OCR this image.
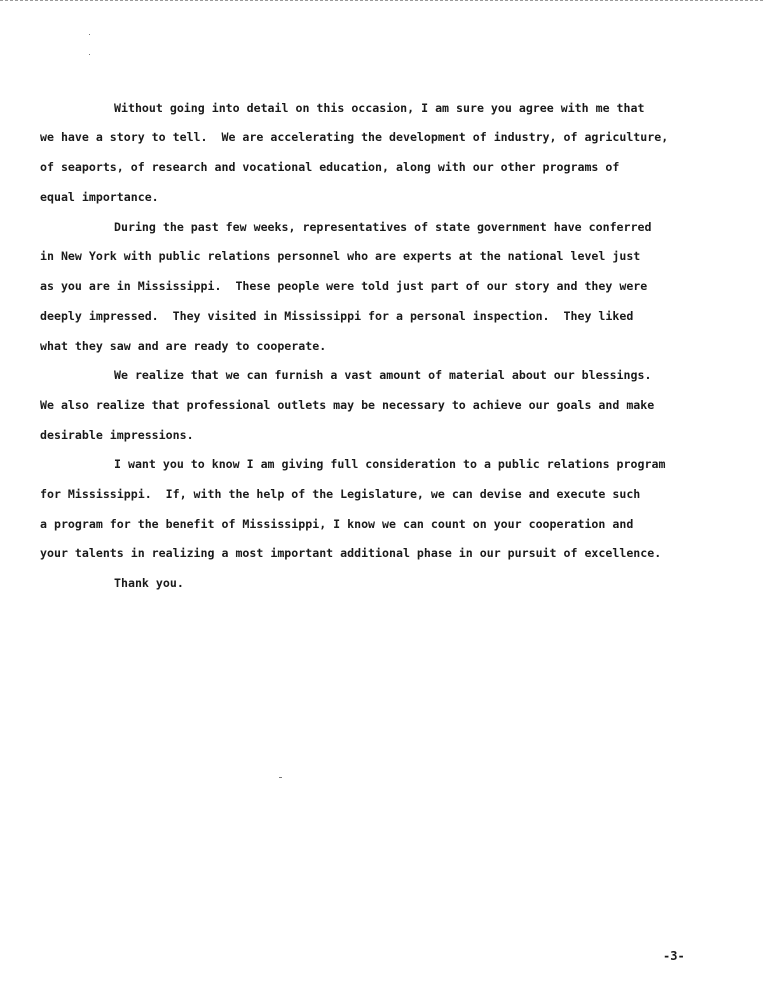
Without going into detail on this occasion, I am sure you agree with me that

we have a story to tell.  We are accelerating the development of industry, of agriculture,

of seaports, of research and vocational education, along with our other programs of

equal importance.

During the past few weeks, representatives of state government have conferred

in New York with public relations personnel who are experts at the national level just

as you are in Mississippi.  These people were told just part of our story and they were

deeply impressed.  They visited in Mississippi for a personal inspection.  They liked

what they saw and are ready to cooperate.

We realize that we can furnish a vast amount of material about our blessings.

We also realize that professional outlets may be necessary to achieve our goals and make

desirable impressions.

I want you to know I am giving full consideration to a public relations program

for Mississippi.  If, with the help of the Legislature, we can devise and execute such

a program for the benefit of Mississippi, I know we can count on your cooperation and

your talents in realizing a most important additional phase in our pursuit of excellence.

Thank you.

-3-
